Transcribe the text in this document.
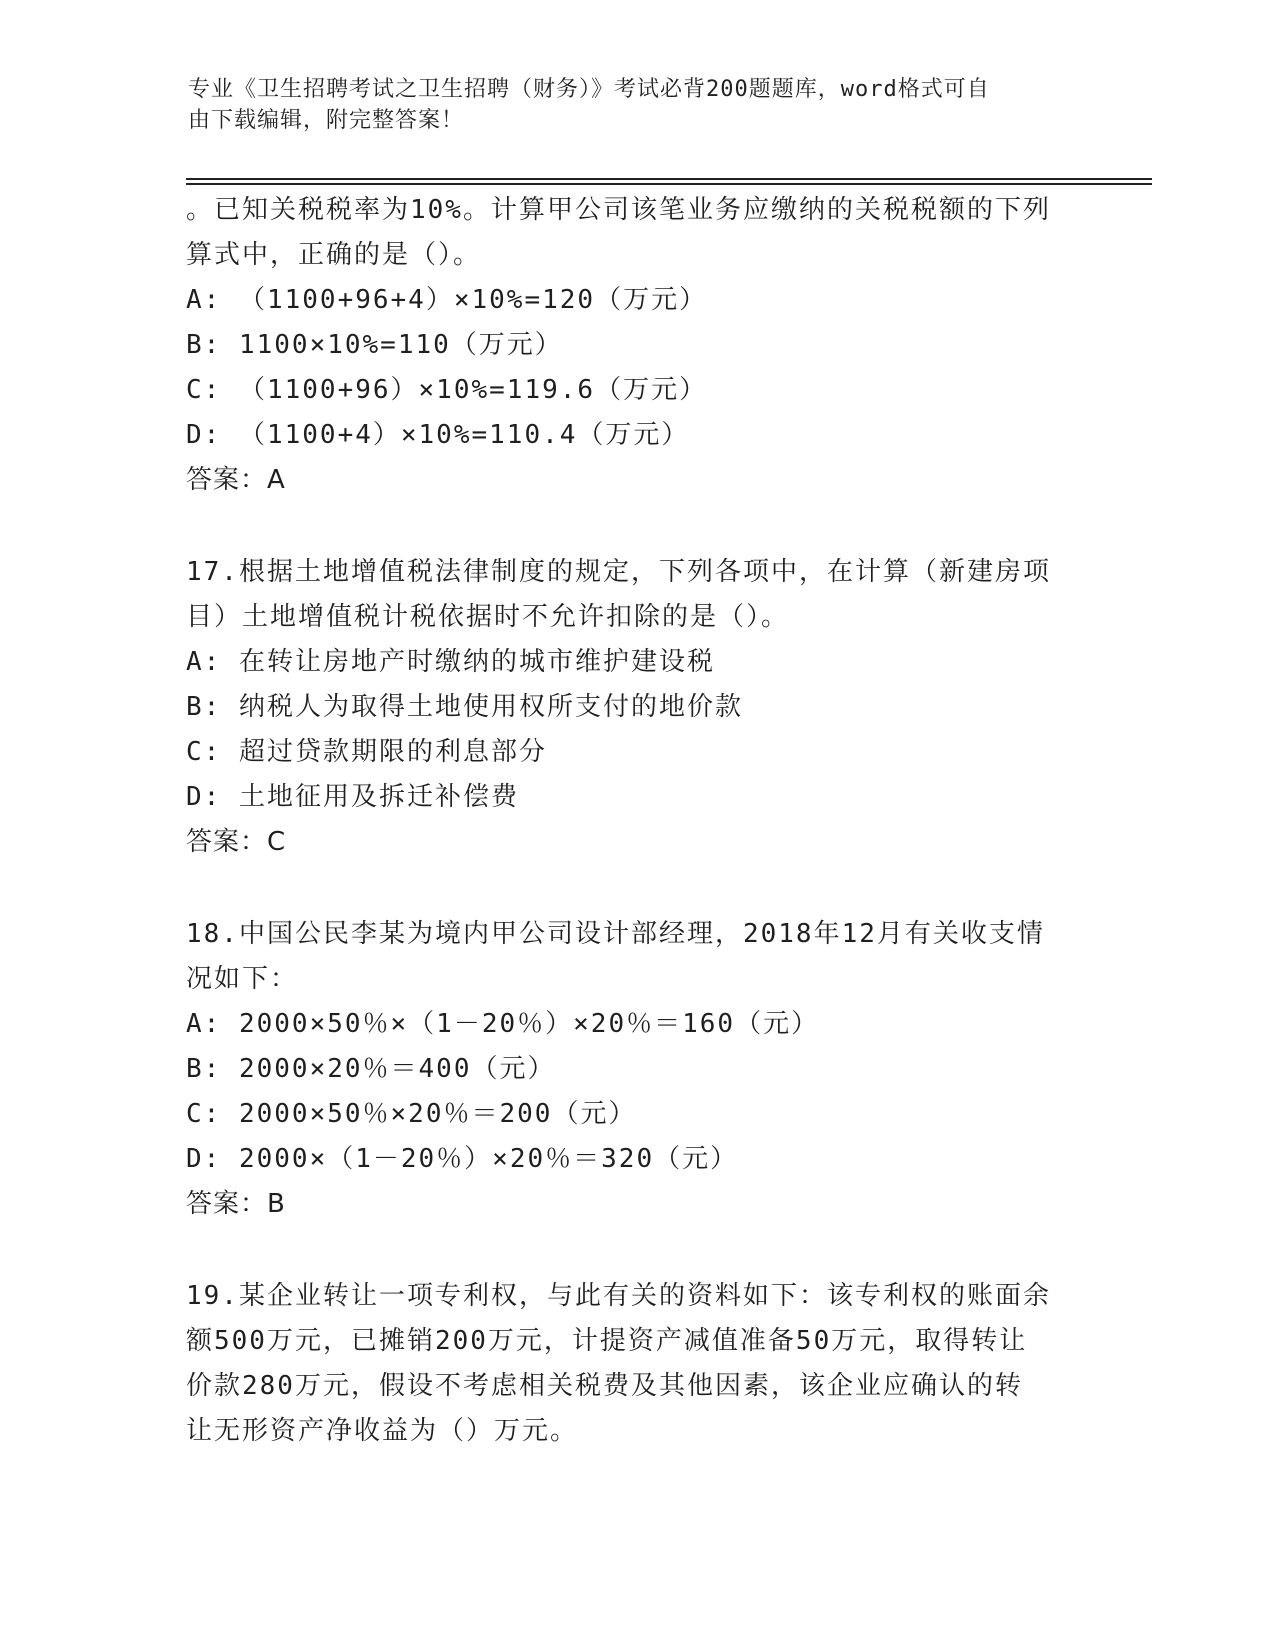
专业《卫生招聘考试之卫生招聘（财务）》考试必背200题题库，word格式可自
由下载编辑，附完整答案！
。已知关税税率为10%。计算甲公司该笔业务应缴纳的关税税额的下列
算式中，正确的是（）。
A: （1100+96+4）×10%=120（万元）
B: 1100×10%=110（万元）
C: （1100+96）×10%=119.6（万元）
D: （1100+4）×10%=110.4（万元）
答案：A
17.根据土地增值税法律制度的规定，下列各项中，在计算（新建房项
目）土地增值税计税依据时不允许扣除的是（）。
A: 在转让房地产时缴纳的城市维护建设税
B: 纳税人为取得土地使用权所支付的地价款
C: 超过贷款期限的利息部分
D: 土地征用及拆迁补偿费
答案：C
18.中国公民李某为境内甲公司设计部经理，2018年12月有关收支情
况如下：
A: 2000×50％×（1－20％）×20％＝160（元）
B: 2000×20％＝400（元）
C: 2000×50％×20％＝200（元）
D: 2000×（1－20％）×20％＝320（元）
答案：B
19.某企业转让一项专利权，与此有关的资料如下：该专利权的账面余
额500万元，已摊销200万元，计提资产减值准备50万元，取得转让
价款280万元，假设不考虑相关税费及其他因素，该企业应确认的转
让无形资产净收益为（）万元。
